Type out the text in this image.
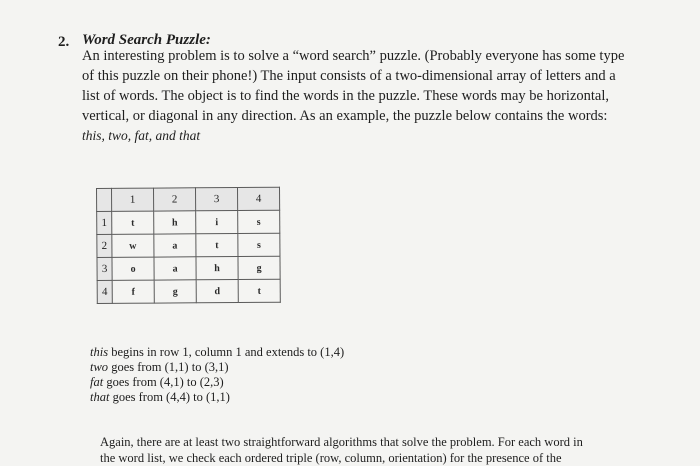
2. Word Search Puzzle:
An interesting problem is to solve a “word search” puzzle. (Probably everyone has some type
of this puzzle on their phone!) The input consists of a two-dimensional array of letters and a
list of words. The object is to find the words in the puzzle. These words may be horizontal,
vertical, or diagonal in any direction. As an example, the puzzle below contains the words:
this, two, fat, and that
	1	2	3	4
1	t	h	i	s
2	w	a	t	s
3	o	a	h	g
4	f	g	d	t
this begins in row 1, column 1 and extends to (1,4)
two goes from (1,1) to (3,1)
fat goes from (4,1) to (2,3)
that goes from (4,4) to (1,1)
Again, there are at least two straightforward algorithms that solve the problem. For each word in
the word list, we check each ordered triple (row, column, orientation) for the presence of the
